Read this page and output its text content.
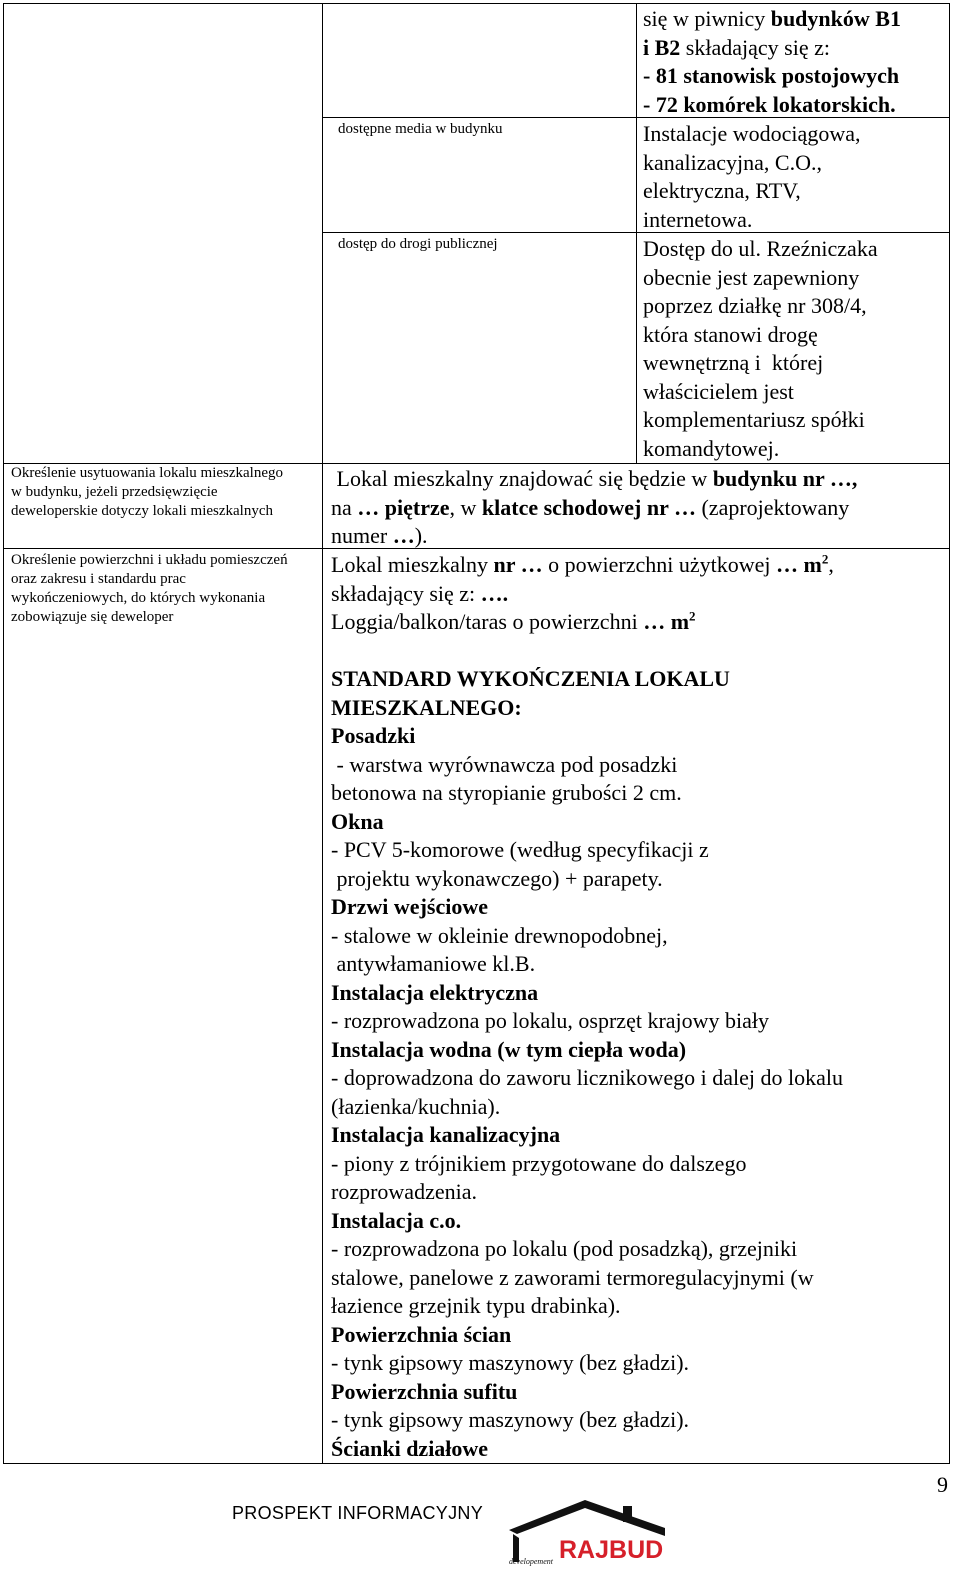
się w piwnicy budynków B1
i B2 składający się z:
- 81 stanowisk postojowych
- 72 komórek lokatorskich.
dostępne media w budynku	Instalacje wodociągowa,
kanalizacyjna, C.O.,
elektryczna, RTV,
internetowa.
dostęp do drogi publicznej	Dostęp do ul. Rzeźniczaka
obecnie jest zapewniony
poprzez działkę nr 308/4,
która stanowi drogę
wewnętrzną i  której
właścicielem jest
komplementariusz spółki
komandytowej.
Określenie usytuowania lokalu mieszkalnego
w budynku, jeżeli przedsięwzięcie
deweloperskie dotyczy lokali mieszkalnych
Lokal mieszkalny znajdować się będzie w budynku nr …,
na … piętrze, w klatce schodowej nr … (zaprojektowany
numer …).
Określenie powierzchni i układu pomieszczeń
oraz zakresu i standardu prac
wykończeniowych, do których wykonania
zobowiązuje się deweloper
Lokal mieszkalny nr … o powierzchni użytkowej … $m^2$,
składający się z: ….
Loggia/balkon/taras o powierzchni … $m^2$

STANDARD WYKOŃCZENIA LOKALU
MIESZKALNEGO:
Posadzki
- warstwa wyrównawcza pod posadzki
betonowa na styropianie grubości 2 cm.
Okna
- PCV 5-komorowe (według specyfikacji z
projektu wykonawczego) + parapety.
Drzwi wejściowe
- stalowe w okleinie drewnopodobnej,
antywłamaniowe kl.B.
Instalacja elektryczna
- rozprowadzona po lokalu, osprzęt krajowy biały
Instalacja wodna (w tym ciepła woda)
- doprowadzona do zaworu licznikowego i dalej do lokalu
(łazienka/kuchnia).
Instalacja kanalizacyjna
- piony z trójnikiem przygotowane do dalszego
rozprowadzenia.
Instalacja c.o.
- rozprowadzona po lokalu (pod posadzką), grzejniki
stalowe, panelowe z zaworami termoregulacyjnymi (w
łazience grzejnik typu drabinka).
Powierzchnia ścian
- tynk gipsowy maszynowy (bez gładzi).
Powierzchnia sufitu
- tynk gipsowy maszynowy (bez gładzi).
Ścianki działowe
9
PROSPEKT INFORMACYJNY
RAJBUD
developement
